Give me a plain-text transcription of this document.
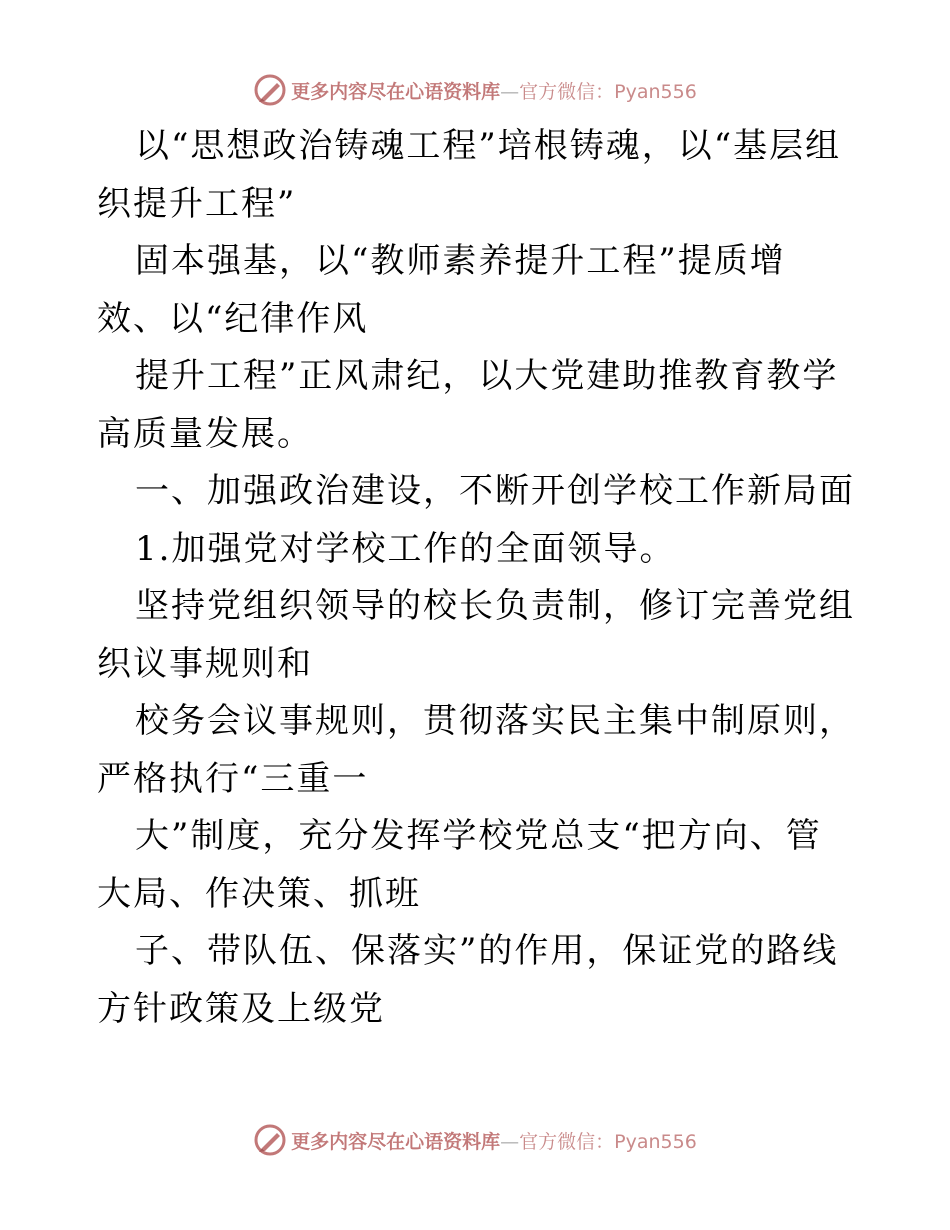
更多内容尽在心语资料库—官方微信：Pyan556

以“思想政治铸魂工程”培根铸魂，以“基层组织提升工程”

固本强基，以“教师素养提升工程”提质增效、以“纪律作风

提升工程”正风肃纪，以大党建助推教育教学高质量发展。

一、加强政治建设，不断开创学校工作新局面

1.加强党对学校工作的全面领导。

坚持党组织领导的校长负责制，修订完善党组织议事规则和

校务会议事规则，贯彻落实民主集中制原则，严格执行“三重一

大”制度，充分发挥学校党总支“把方向、管大局、作决策、抓班

子、带队伍、保落实”的作用，保证党的路线方针政策及上级党

更多内容尽在心语资料库—官方微信：Pyan556
